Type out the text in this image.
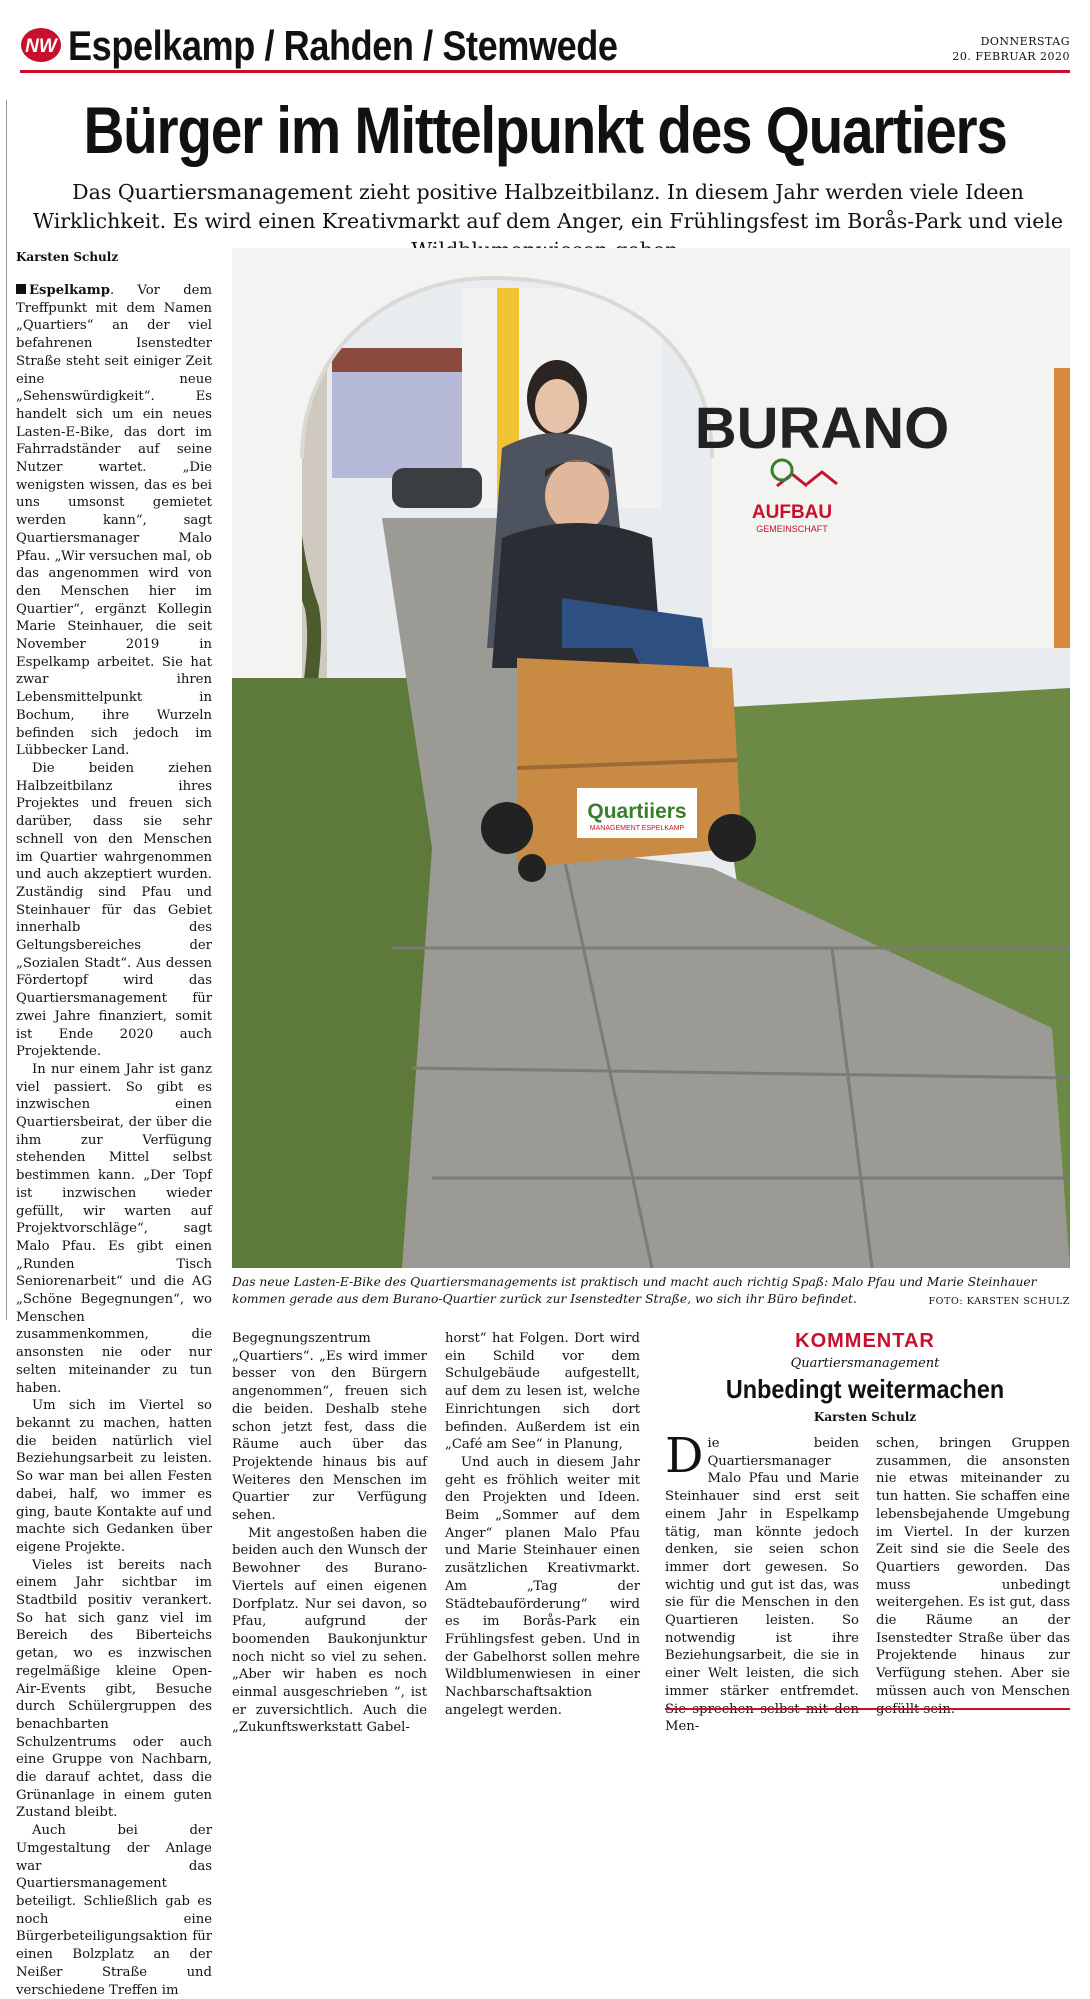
NW Espelkamp / Rahden / Stemwede	DONNERSTAG
20. FEBRUAR 2020
Bürger im Mittelpunkt des Quartiers
Das Quartiersmanagement zieht positive Halbzeitbilanz. In diesem Jahr werden viele Ideen Wirklichkeit. Es wird einen Kreativmarkt auf dem Anger, ein Frühlingsfest im Borås-Park und viele
Karsten Schulz

Espelkamp. Vor dem Treffpunkt mit dem Namen „Quartiers“ an der viel befahrenen Isenstedter Straße steht seit einiger Zeit eine neue „Sehenswürdigkeit“. Es handelt sich um ein neues Lasten-E-Bike, das dort im Fahrradständer auf seine Nutzer wartet. „Die wenigsten wissen, das es bei uns umsonst gemietet werden kann“, sagt Quartiersmanager Malo Pfau. „Wir versuchen mal, ob das angenommen wird von den Menschen hier im Quartier“, ergänzt Kollegin Marie Steinhauer, die seit November 2019 in Espelkamp arbeitet. Sie hat zwar ihren Lebensmittelpunkt in Bochum, ihre Wurzeln befinden sich jedoch im Lübbecker Land.

Die beiden ziehen Halbzeitbilanz ihres Projektes und freuen sich darüber, dass sie sehr schnell von den Menschen im Quartier wahrgenommen und auch akzeptiert wurden. Zuständig sind Pfau und Steinhauer für das Gebiet innerhalb des Geltungsbereiches der „Sozialen Stadt“. Aus dessen Fördertopf wird das Quartiersmanagement für zwei Jahre finanziert, somit ist Ende 2020 auch Projektende.

In nur einem Jahr ist ganz viel passiert. So gibt es inzwischen einen Quartiersbeirat, der über die ihm zur Verfügung stehenden Mittel selbst bestimmen kann. „Der Topf ist inzwischen wieder gefüllt, wir warten auf Projektvorschläge“, sagt Malo Pfau. Es gibt einen „Runden Tisch Seniorenarbeit“ und die AG „Schöne Begegnungen“, wo Menschen zusammenkommen, die ansonsten nie oder nur selten miteinander zu tun haben.

Um sich im Viertel so bekannt zu machen, hatten die beiden natürlich viel Beziehungsarbeit zu leisten. So war man bei allen Festen dabei, half, wo immer es ging, baute Kontakte auf und machte sich Gedanken über eigene Projekte.

Vieles ist bereits nach einem Jahr sichtbar im Stadtbild positiv verankert. So hat sich ganz viel im Bereich des Biberteichs getan, wo es inzwischen regelmäßige kleine Open-Air-Events gibt, Besuche durch Schülergruppen des benachbarten Schulzentrums oder auch eine Gruppe von Nachbarn, die darauf achtet, dass die Grünanlage in einem guten Zustand bleibt.

Auch bei der Umgestaltung der Anlage war das Quartiersmanagement beteiligt. Schließlich gab es noch eine Bürgerbeteiligungsaktion für einen Bolzplatz an der Neißer Straße und verschiedene Treffen im

BURANO
AUFBAU
GEMEINSCHAFT
Quartiiers
MANAGEMENT ESPELKAMP
Das neue Lasten-E-Bike des Quartiersmanagements ist praktisch und macht auch richtig Spaß: Malo Pfau und Marie Steinhauer kommen gerade aus dem Burano-Quartier zurück zur Isenstedter Straße, wo sich ihr Büro befindet.	FOTO: KARSTEN SCHULZ

Begegnungszentrum „Quartiers“. „Es wird immer besser von den Bürgern angenommen“, freuen sich die beiden. Deshalb stehe schon jetzt fest, dass die Räume auch über das Projektende hinaus bis auf Weiteres den Menschen im Quartier zur Verfügung sehen.

Mit angestoßen haben die beiden auch den Wunsch der Bewohner des Burano-Viertels auf einen eigenen Dorfplatz. Nur sei davon, so Pfau, aufgrund der boomenden Baukonjunktur noch nicht so viel zu sehen. „Aber wir haben es noch einmal ausgeschrieben “, ist er zuversichtlich. Auch die „Zukunftswerkstatt Gabel-

horst“ hat Folgen. Dort wird ein Schild vor dem Schulgebäude aufgestellt, auf dem zu lesen ist, welche Einrichtungen sich dort befinden. Außerdem ist ein „Café am See“ in Planung,

Und auch in diesem Jahr geht es fröhlich weiter mit den Projekten und Ideen. Beim „Sommer auf dem Anger“ planen Malo Pfau und Marie Steinhauer einen zusätzlichen Kreativmarkt. Am „Tag der Städtebauförderung“ wird es im Borås-Park ein Frühlingsfest geben. Und in der Gabelhorst sollen mehre Wildblumenwiesen in einer Nachbarschaftsaktion angelegt werden.

KOMMENTAR
Quartiersmanagement
Unbedingt weitermachen
Karsten Schulz
Die beiden Quartiersmanager Malo Pfau und Marie Steinhauer sind erst seit einem Jahr in Espelkamp tätig, man könnte jedoch denken, sie seien schon immer dort gewesen. So wichtig und gut ist das, was sie für die Menschen in den Quartieren leisten. So notwendig ist ihre Beziehungsarbeit, die sie in einer Welt leisten, die sich immer stärker entfremdet. Men-
schen, bringen Gruppen zusammen, die ansonsten nie etwas miteinander zu tun hatten. Sie schaffen eine lebensbejahende Umgebung im Viertel. In der kurzen Zeit sind sie die Seele des Quartiers geworden. Das muss unbedingt weitergehen. Es ist gut, dass die Räume an der Isenstedter Straße über das Projektende hinaus zur Verfügung stehen. Aber sie müssen auch von Menschen
